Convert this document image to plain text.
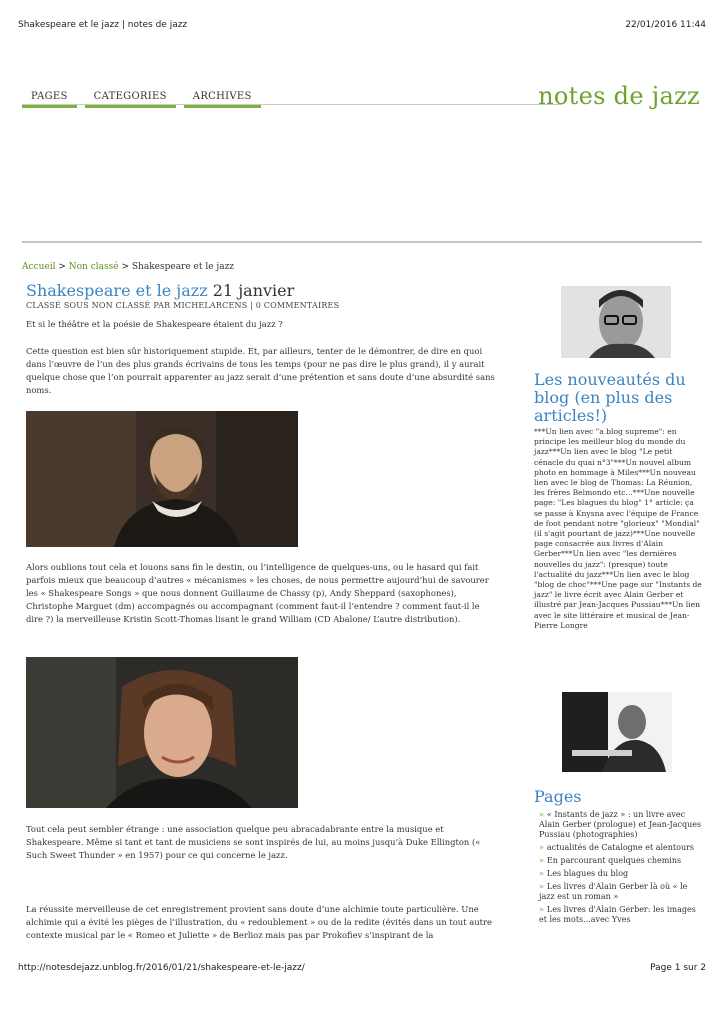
Shakespeare et le jazz | notes de jazz	22/01/2016 11:44
PAGES	CATEGORIES	ARCHIVES	notes de jazz
Accueil > Non classé > Shakespeare et le jazz
Shakespeare et le jazz 21 janvier
CLASSÉ SOUS NON CLASSÉ PAR MICHELARCENS | 0 COMMENTAIRES

Et si le théâtre et la poésie de Shakespeare étaient du jazz ?

Cette question est bien sûr historiquement stupide. Et, par ailleurs, tenter de le démontrer, de dire en quoi dans l’œuvre de l’un des plus grands écrivains de tous les temps (pour ne pas dire le plus grand), il y aurait quelque chose que l’on pourrait apparenter au jazz serait d’une prétention et sans doute d’une absurdité sans noms.

Alors oublions tout cela et louons sans fin le destin, ou l’intelligence de quelques-uns, ou le hasard qui fait parfois mieux que beaucoup d’autres « mécanismes » les choses, de nous permettre aujourd’hui de savourer les « Shakespeare Songs » que nous donnent Guillaume de Chassy (p), Andy Sheppard (saxophones), Christophe Marguet (dm) accompagnés ou accompagnant (comment faut-il l’entendre ? comment faut-il le dire ?) la merveilleuse Kristin Scott-Thomas lisant le grand William (CD Abalone/ L’autre distribution).

Tout cela peut sembler étrange : une association quelque peu abracadabrante entre la musique et Shakespeare. Même si tant et tant de musiciens se sont inspirés de lui, au moins jusqu’à Duke Ellington (« Such Sweet Thunder » en 1957) pour ce qui concerne le jazz.

La réussite merveilleuse de cet enregistrement provient sans doute d’une alchimie toute particulière. Une alchimie qui a évité les pièges de l’illustration, du « redoublement » ou de la redite (évités dans un tout autre contexte musical par le « Romeo et Juliette » de Berlioz mais pas par Prokofiev s’inspirant de la

Les nouveautés du blog (en plus des articles!)
***Un lien avec "a blog supreme": en principe les meilleur blog du monde du jazz***Un lien avec le blog "Le petit cénacle du quai n°3"***Un nouvel album photo en hommage à Miles***Un nouveau lien avec le blog de Thomas: La Réunion, les frères Belmondo etc...***Une nouvelle page: "Les blagues du blog" 1° article: ça se passe à Knysna avec l'équipe de France de foot pendant notre "glorieux" "Mondial" (il s'agit pourtant de jazz)***Une nouvelle page consacrée aux livres d'Alain Gerber***Un lien avec "les dernières nouvelles du jazz": (presque) toute l'actualité du jazz***Un lien avec le blog "blog de choc"***Une page sur "Instants de jazz" le livre écrit avec Alain Gerber et illustré par Jean-Jacques Pussiau***Un lien avec le site littéraire et musical de Jean-Pierre Longre
Pages
» « Instants de jazz » : un livre avec Alain Gerber (prologue) et Jean-Jacques Pussiau (photographies)
» actualités de Catalogne et alentours
» En parcourant quelques chemins
» Les blagues du blog
» Les livres d'Alain Gerber là où « le jazz est un roman »
» Les livres d'Alain Gerber: les images et les mots...avec Yves
http://notesdejazz.unblog.fr/2016/01/21/shakespeare-et-le-jazz/	Page 1 sur 2
